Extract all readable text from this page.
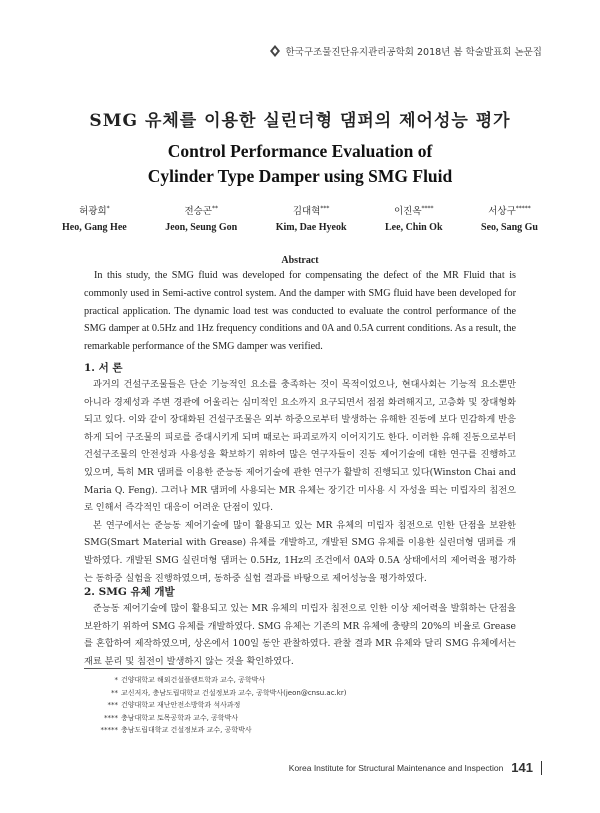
한국구조물진단유지관리공학회 2018년 봄 학술발표회 논문집
SMG 유체를 이용한 실린더형 댐퍼의 제어성능 평가
Control Performance Evaluation of
Cylinder Type Damper using SMG Fluid
허광희*
Heo, Gang Hee
전승곤**
Jeon, Seung Gon
김대혁***
Kim, Dae Hyeok
이진옥****
Lee, Chin Ok
서상구*****
Seo, Sang Gu
Abstract

In this study, the SMG fluid was developed for compensating the defect of the MR Fluid that is commonly used in Semi-active control system. And the damper with SMG fluid have been developed for practical application. The dynamic load test was conducted to evaluate the control performance of the SMG damper at 0.5Hz and 1Hz frequency conditions and 0A and 0.5A current conditions. As a result, the remarkable performance of the SMG damper was verified.

1. 서 론

과거의 건설구조물들은 단순 기능적인 요소를 충족하는 것이 목적이었으나, 현대사회는 기능적 요소뿐만 아니라 경제성과 주변 경관에 어울리는 심미적인 요소까지 요구되면서 점점 화려해지고, 고층화 및 장대형화 되고 있다. 이와 같이 장대화된 건설구조물은 외부 하중으로부터 발생하는 유해한 진동에 보다 민감하게 반응하게 되어 구조물의 피로를 증대시키게 되며 때로는 파괴로까지 이어지기도 한다. 이러한 유해 진동으로부터 건설구조물의 안전성과 사용성을 확보하기 위하여 많은 연구자들이 진동 제어기술에 대한 연구를 진행하고 있으며, 특히 MR 댐퍼를 이용한 준능동 제어기술에 관한 연구가 활발히 진행되고 있다(Winston Chai and Maria Q. Feng). 그러나 MR 댐퍼에 사용되는 MR 유체는 장기간 미사용 시 자성을 띄는 미립자의 침전으로 인해서 즉각적인 대응이 어려운 단점이 있다.

본 연구에서는 준능동 제어기술에 많이 활용되고 있는 MR 유체의 미립자 침전으로 인한 단점을 보완한 SMG(Smart Material with Grease) 유체를 개발하고, 개발된 SMG 유체를 이용한 실린더형 댐퍼를 개발하였다. 개발된 SMG 실린더형 댐퍼는 0.5Hz, 1Hz의 조건에서 0A와 0.5A 상태에서의 제어력을 평가하는 동하중 실험을 진행하였으며, 동하중 실험 결과를 바탕으로 제어성능을 평가하였다.

2. SMG 유체 개발

준능동 제어기술에 많이 활용되고 있는 MR 유체의 미립자 침전으로 인한 이상 제어력을 발휘하는 단점을 보완하기 위하여 SMG 유체를 개발하였다. SMG 유체는 기존의 MR 유체에 충량의 20%의 비율로 Grease를 혼합하여 제작하였으며, 상온에서 100일 동안 관찰하였다. 관찰 결과 MR 유체와 달리 SMG 유체에서는 재료 분리 및 침전이 발생하지 않는 것을 확인하였다.

* 건양대학교 해외건설플랜트학과 교수, 공학박사
** 교신저자, 충남도립대학교 건설정보과 교수, 공학박사(jeon@cnsu.ac.kr)
*** 건양대학교 재난안전소방학과 석사과정
**** 충남대학교 토목공학과 교수, 공학박사
***** 충남도립대학교 건설정보과 교수, 공학박사
Korea Institute for Structural Maintenance and Inspection 141
